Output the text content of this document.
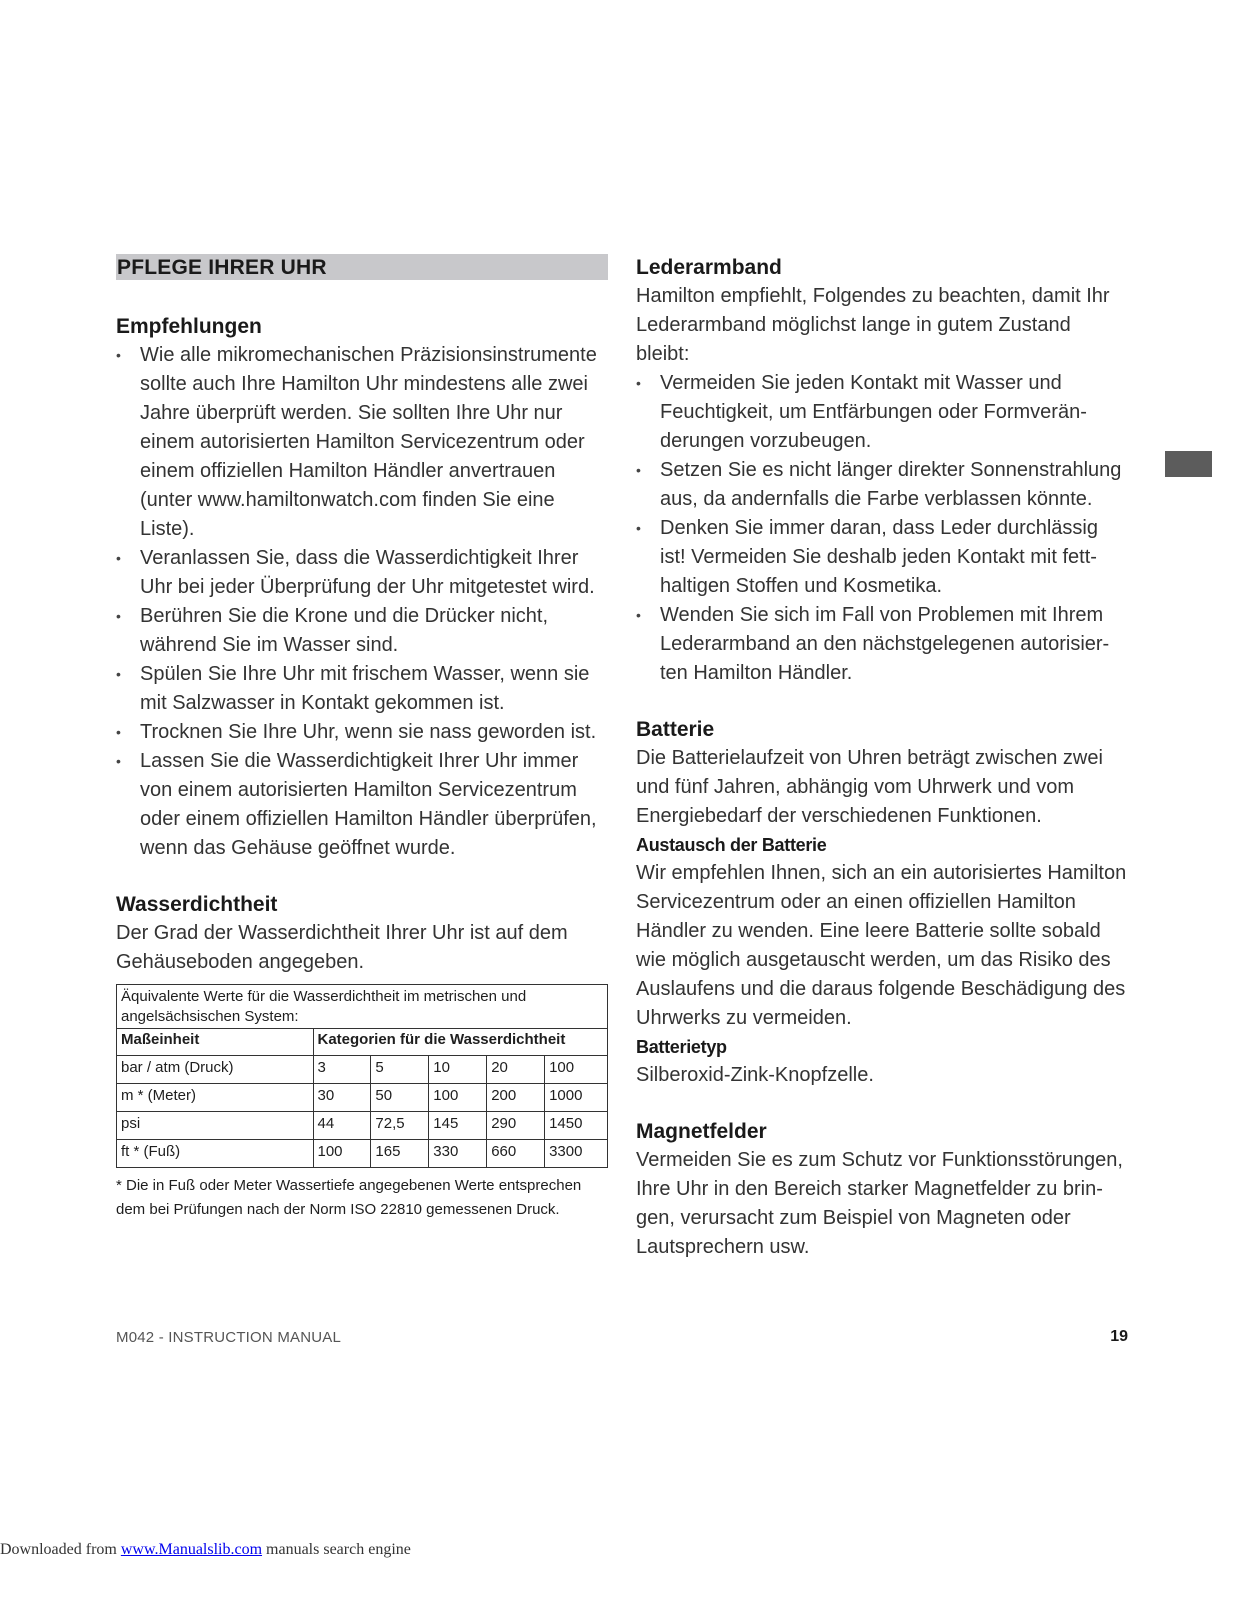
PFLEGE IHRER UHR
Empfehlungen
• Wie alle mikromechanischen Präzisionsinstrumente sollte auch Ihre Hamilton Uhr mindestens alle zwei Jahre überprüft werden. Sie sollten Ihre Uhr nur einem autorisierten Hamilton Servicezentrum oder einem offiziellen Hamilton Händler anvertrauen (unter www.hamiltonwatch.com finden Sie eine Liste).
• Veranlassen Sie, dass die Wasserdichtigkeit Ihrer Uhr bei jeder Überprüfung der Uhr mitgetestet wird.
• Berühren Sie die Krone und die Drücker nicht, während Sie im Wasser sind.
• Spülen Sie Ihre Uhr mit frischem Wasser, wenn sie mit Salzwasser in Kontakt gekommen ist.
• Trocknen Sie Ihre Uhr, wenn sie nass geworden ist.
• Lassen Sie die Wasserdichtigkeit Ihrer Uhr immer von einem autorisierten Hamilton Servicezentrum oder einem offiziellen Hamilton Händler überprüfen, wenn das Gehäuse geöffnet wurde.
Wasserdichtheit

Der Grad der Wasserdichtheit Ihrer Uhr ist auf dem Gehäuseboden angegeben.

Äquivalente Werte für die Wasserdichtheit im metrischen und angelsächsischen System:					
Maßeinheit	Kategorien für die Wasserdichtheit				
bar / atm (Druck)	3	5	10	20	100
m * (Meter)	30	50	100	200	1000
psi	44	72,5	145	290	1450
ft * (Fuß)	100	165	330	660	3300
* Die in Fuß oder Meter Wassertiefe angegebenen Werte entsprechen dem bei Prüfungen nach der Norm ISO 22810 gemessenen Druck.
Lederarmband

Hamilton empfiehlt, Folgendes zu beachten, damit Ihr Lederarmband möglichst lange in gutem Zustand bleibt:

• Vermeiden Sie jeden Kontakt mit Wasser und Feuchtigkeit, um Entfärbungen oder Formveränderungen vorzubeugen.
• Setzen Sie es nicht länger direkter Sonnenstrahlung aus, da andernfalls die Farbe verblassen könnte.
• Denken Sie immer daran, dass Leder durchlässig ist! Vermeiden Sie deshalb jeden Kontakt mit fetthaltigen Stoffen und Kosmetika.
• Wenden Sie sich im Fall von Problemen mit Ihrem Lederarmband an den nächstgelegenen autorisierten Hamilton Händler.
Batterie

Die Batterielaufzeit von Uhren beträgt zwischen zwei und fünf Jahren, abhängig vom Uhrwerk und vom Energiebedarf der verschiedenen Funktionen.

Austausch der Batterie

Wir empfehlen Ihnen, sich an ein autorisiertes Hamilton Servicezentrum oder an einen offiziellen Hamilton Händler zu wenden. Eine leere Batterie sollte sobald wie möglich ausgetauscht werden, um das Risiko des Auslaufens und die daraus folgende Beschädigung des Uhrwerks zu vermeiden.

Batterietyp

Silberoxid-Zink-Knopfzelle.

Magnetfelder

Vermeiden Sie es zum Schutz vor Funktionsstörungen, Ihre Uhr in den Bereich starker Magnetfelder zu bringen, verursacht zum Beispiel von Magneten oder Lautsprechern usw.

M042 - INSTRUCTION MANUAL	19
Downloaded from www.Manualslib.com manuals search engine
